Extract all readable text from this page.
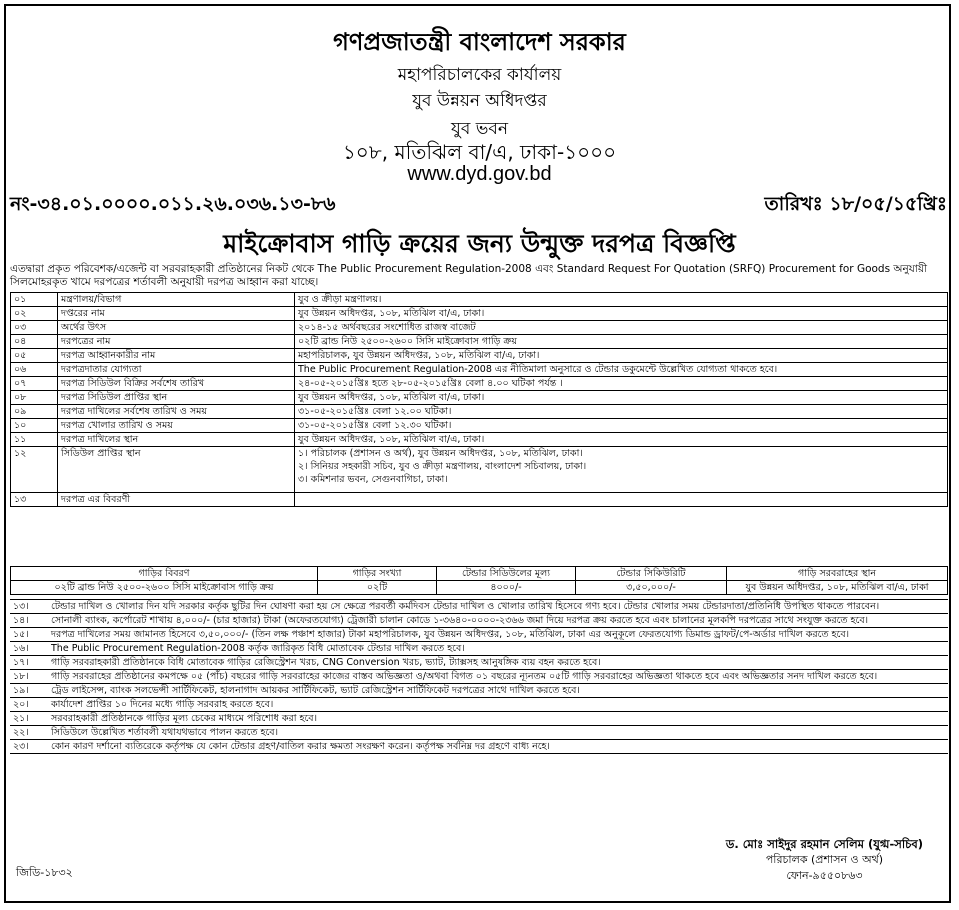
গণপ্রজাতন্ত্রী বাংলাদেশ সরকার
মহাপরিচালকের কার্যালয়
যুব উন্নয়ন অধিদপ্তর
যুব ভবন
১০৮, মতিঝিল বা/এ, ঢাকা-১০০০
www.dyd.gov.bd
নং-৩৪.০১.০০০০.০১১.২৬.০৩৬.১৩-৮৬	তারিখঃ ১৮/০৫/১৫খ্রিঃ
মাইক্রোবাস গাড়ি ক্রয়ের জন্য উন্মুক্ত দরপত্র বিজ্ঞপ্তি
এতদ্বারা প্রকৃত পরিবেশক/এজেন্ট বা সরবরাহকারী প্রতিষ্ঠানের নিকট থেকে The Public Procurement Regulation-2008 এবং Standard Request For Quotation (SRFQ) Procurement for Goods অনুযায়ী সিলমোহরকৃত খামে দরপত্রের শর্তাবলী অনুযায়ী দরপত্র আহ্বান করা যাচ্ছে।
০১	মন্ত্রণালয়/বিভাগ	যুব ও ক্রীড়া মন্ত্রণালয়।
০২	দপ্তরের নাম	যুব উন্নয়ন অধিদপ্তর, ১০৮, মতিঝিল বা/এ, ঢাকা।
০৩	অর্থের উৎস	২০১৪-১৫ অর্থবছরের সংশোধিত রাজস্ব বাজেট
০৪	দরপত্রের নাম	০২টি ব্রান্ড নিউ ২৫০০-২৬০০ সিসি মাইক্রোবাস গাড়ি ক্রয়
০৫	দরপত্র আহ্বানকারীর নাম	মহাপরিচালক, যুব উন্নয়ন অধিদপ্তর, ১০৮, মতিঝিল বা/এ, ঢাকা।
০৬	দরপত্রদাতার যোগ্যতা	The Public Procurement Regulation-2008 এর নীতিমালা অনুসারে ও টেন্ডার ডকুমেন্টে উল্লেখিত যোগ্যতা থাকতে হবে।
০৭	দরপত্র সিডিউল বিক্রির সর্বশেষ তারিখ	২৪-০৫-২০১৫খ্রিঃ হতে ২৮-০৫-২০১৫খ্রিঃ বেলা ৪.০০ ঘটিকা পর্যন্ত ।
০৮	দরপত্র সিডিউল প্রাপ্তির স্থান	যুব উন্নয়ন অধিদপ্তর, ১০৮, মতিঝিল বা/এ, ঢাকা।
০৯	দরপত্র দাখিলের সর্বশেষ তারিখ ও সময়	৩১-০৫-২০১৫খ্রিঃ বেলা ১২.০০ ঘটিকা।
১০	দরপত্র খোলার তারিখ ও সময়	৩১-০৫-২০১৫খ্রিঃ বেলা ১২.৩০ ঘটিকা।
১১	দরপত্র দাখিলের স্থান	যুব উন্নয়ন অধিদপ্তর, ১০৮, মতিঝিল বা/এ, ঢাকা।
১২	সিডিউল প্রাপ্তির স্থান	১। পরিচালক (প্রশাসন ও অর্থ), যুব উন্নয়ন অধিদপ্তর, ১০৮, মতিঝিল, ঢাকা।
২। সিনিয়র সহকারী সচিব, যুব ও ক্রীড়া মন্ত্রণালয়, বাংলাদেশ সচিবালয়, ঢাকা।
৩। কমিশনার ভবন, সেগুনবাগিচা, ঢাকা।

১৩	দরপত্র এর বিবরণী	
গাড়ির বিবরণ	গাড়ির সংখ্যা	টেন্ডার সিডিউলের মূল্য	টেন্ডার সিকিউরিটি	গাড়ি সরবরাহের স্থান
০২টি ব্রান্ড নিউ ২৫০০-২৬০০ সিসি মাইক্রোবাস গাড়ি ক্রয়	০২টি	৪০০০/-	৩,৫০,০০০/-	যুব উন্নয়ন অধিদপ্তর, ১০৮, মতিঝিল বা/এ, ঢাকা
১৩।	টেন্ডার দাখিল ও খোলার দিন যদি সরকার কর্তৃক ছুটির দিন ঘোষণা করা হয় সে ক্ষেত্রে পরবর্তী কর্মদিবস টেন্ডার দাখিল ও খোলার তারিখ হিসেবে গণ্য হবে। টেন্ডার খোলার সময় টেন্ডারদাতা/প্রতিনিধি উপস্থিত থাকতে পারবেন।
১৪।	সোনালী ব্যাংক, কর্পোরেট শাখায় ৪,০০০/- (চার হাজার) টাকা (অফেরতযোগ্য) ট্রেজারী চালান কোডে ১-৩৬৪০-০০০০-২৩৬৬ জমা দিয়ে দরপত্র ক্রয় করতে হবে এবং চালানের মূলকপি দরপত্রের সাথে সংযুক্ত করতে হবে।
১৫।	দরপত্র দাখিলের সময় জামানত হিসেবে ৩,৫০,০০০/- (তিন লক্ষ পঞ্চাশ হাজার) টাকা মহাপরিচালক, যুব উন্নয়ন অধিদপ্তর, ১০৮, মতিঝিল, ঢাকা এর অনুকূলে ফেরতযোগ্য ডিমান্ড ড্রাফট/পে-অর্ডার দাখিল করতে হবে।
১৬।	The Public Procurement Regulation-2008 কর্তৃক জারিকৃত বিধি মোতাবেক টেন্ডার দাখিল করতে হবে।
১৭।	গাড়ি সরবরাহকারী প্রতিষ্ঠানকে বিধি মোতাবেক গাড়ির রেজিস্ট্রেশন খরচ, CNG Conversion খরচ, ভ্যাট, ট্যাক্সসহ আনুষঙ্গিক ব্যয় বহন করতে হবে।
১৮।	গাড়ি সরবরাহের প্রতিষ্ঠানের কমপক্ষে ০৫ (পাঁচ) বছরের গাড়ি সরবরাহের কাজের বাস্তব অভিজ্ঞতা ও/অথবা বিগত ০১ বছরের ন্যূনতম ০৫টি গাড়ি সরবরাহের অভিজ্ঞতা থাকতে হবে এবং অভিজ্ঞতার সনদ দাখিল করতে হবে।
১৯।	ট্রেড লাইসেন্স, ব্যাংক সলভেন্সী সার্টিফিকেট, হালনাগাদ আয়কর সার্টিফিকেট, ভ্যাট রেজিস্ট্রেশন সার্টিফিকেট দরপত্রের সাথে দাখিল করতে হবে।
২০।	কার্যাদেশ প্রাপ্তির ১০ দিনের মধ্যে গাড়ি সরবরাহ করতে হবে।
২১।	সরবরাহকারী প্রতিষ্ঠানকে গাড়ির মূল্য চেকের মাধ্যমে পরিশোধ করা হবে।
২২।	সিডিউলে উল্লেখিত শর্তাবলী যথাযথভাবে পালন করতে হবে।
২৩।	কোন কারণ দর্শানো ব্যতিরেকে কর্তৃপক্ষ যে কোন টেন্ডার গ্রহণ/বাতিল করার ক্ষমতা সংরক্ষণ করেন। কর্তৃপক্ষ সর্বনিম্ন দর গ্রহণে বাধ্য নহে।
ড. মোঃ সাইদুর রহমান সেলিম (যুগ্ম-সচিব)
পরিচালক (প্রশাসন ও অর্থ)
ফোন-৯৫৫০৮৬৩
জিডি-১৮৩২
